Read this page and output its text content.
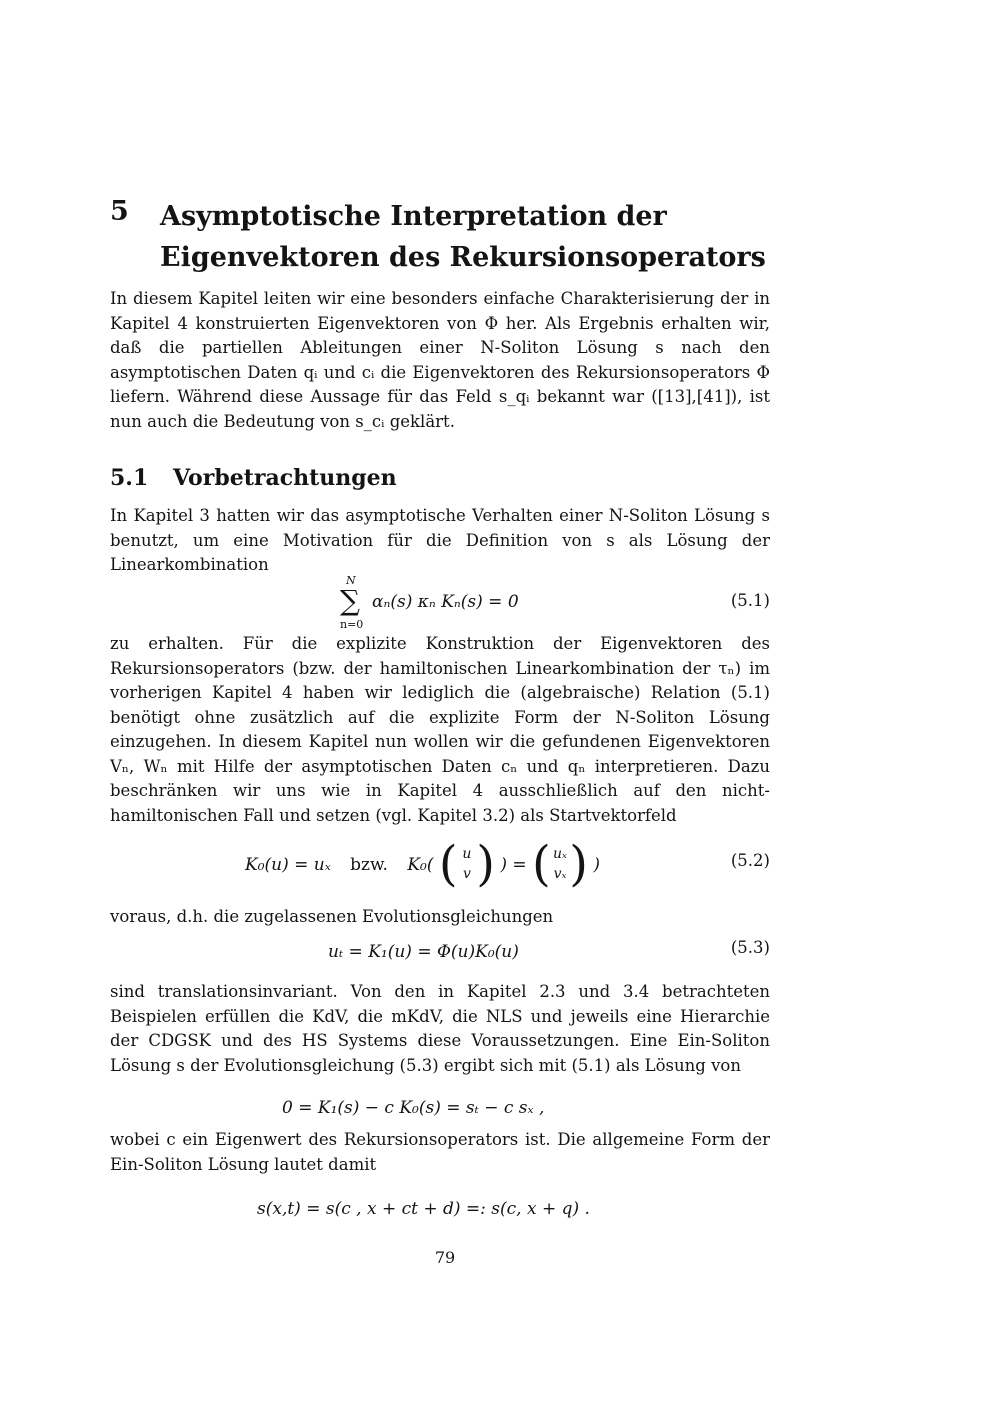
5 Asymptotische Interpretation der Eigenvektoren des Rekursionsoperators
In diesem Kapitel leiten wir eine besonders einfache Charakterisierung der in Kapitel 4 konstruierten Eigenvektoren von Φ her. Als Ergebnis erhalten wir, daß die partiellen Ableitungen einer N-Soliton Lösung s nach den asymptotischen Daten qᵢ und cᵢ die Eigenvektoren des Rekursionsoperators Φ liefern. Während diese Aussage für das Feld s_qᵢ bekannt war ([13],[41]), ist nun auch die Bedeutung von s_cᵢ geklärt.
5.1 Vorbetrachtungen
In Kapitel 3 hatten wir das asymptotische Verhalten einer N-Soliton Lösung s benutzt, um eine Motivation für die Definition von s als Lösung der Linearkombination
N
∑
n=0
αₙ(s) κₙ Kₙ(s) = 0	(5.1)
zu erhalten. Für die explizite Konstruktion der Eigenvektoren des Rekursionsoperators (bzw. der hamiltonischen Linearkombination der τₙ) im vorherigen Kapitel 4 haben wir lediglich die (algebraische) Relation (5.1) benötigt ohne zusätzlich auf die explizite Form der N-Soliton Lösung einzugehen. In diesem Kapitel nun wollen wir die gefundenen Eigenvektoren Vₙ, Wₙ mit Hilfe der asymptotischen Daten cₙ und qₙ interpretieren. Dazu beschränken wir uns wie in Kapitel 4 ausschließlich auf den nicht-hamiltonischen Fall und setzen (vgl. Kapitel 3.2) als Startvektorfeld
K₀(u) = uₓ bzw. K₀( ( u
v ) ) = ( uₓ
vₓ ) )	(5.2)
voraus, d.h. die zugelassenen Evolutionsgleichungen
uₜ = K₁(u) = Φ(u)K₀(u)	(5.3)
sind translationsinvariant. Von den in Kapitel 2.3 und 3.4 betrachteten Beispielen erfüllen die KdV, die mKdV, die NLS und jeweils eine Hierarchie der CDGSK und des HS Systems diese Voraussetzungen. Eine Ein-Soliton Lösung s der Evolutionsgleichung (5.3) ergibt sich mit (5.1) als Lösung von
0 = K₁(s) − c K₀(s) = sₜ − c sₓ ,
wobei c ein Eigenwert des Rekursionsoperators ist. Die allgemeine Form der Ein-Soliton Lösung lautet damit
s(x,t) = s(c , x + ct + d) =: s(c, x + q) .
79
